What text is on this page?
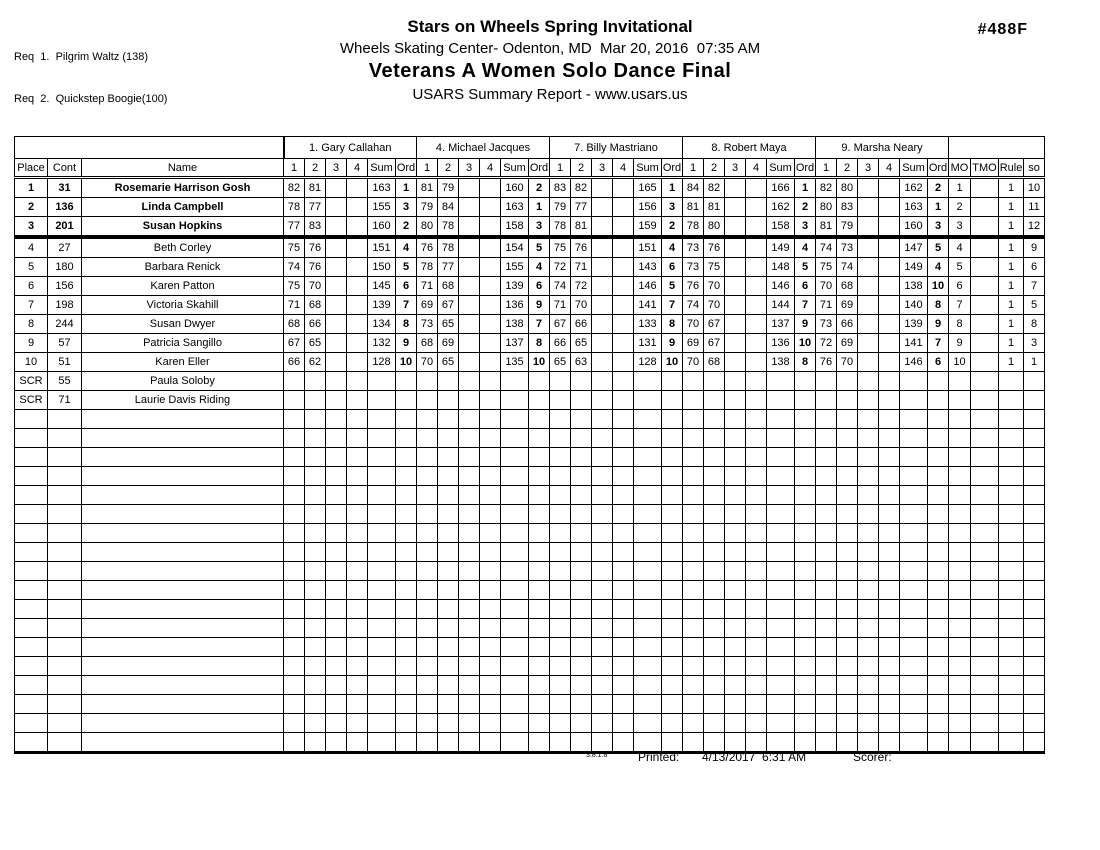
Req  1.  Pilgrim Waltz (138)

Req  2.  Quickstep Boogie(100)

Stars on Wheels Spring Invitational
Wheels Skating Center- Odenton, MD  Mar 20, 2016  07:35 AM
Veterans A Women Solo Dance Final
USARS Summary Report - www.usars.us
#488F
			1. Gary Callahan						4. Michael Jacques						7. Billy Mastriano						8. Robert Maya						9. Marsha Neary									
Place	Cont	Name	1	2	3	4	Sum	Ord	1	2	3	4	Sum	Ord	1	2	3	4	Sum	Ord	1	2	3	4	Sum	Ord	1	2	3	4	Sum	Ord	MO	TMO	Rule	so
1	31	Rosemarie Harrison Gosh	82	81			163	1	81	79			160	2	83	82			165	1	84	82			166	1	82	80			162	2	1		1	10
2	136	Linda Campbell	78	77			155	3	79	84			163	1	79	77			156	3	81	81			162	2	80	83			163	1	2		1	11
3	201	Susan Hopkins	77	83			160	2	80	78			158	3	78	81			159	2	78	80			158	3	81	79			160	3	3		1	12
4	27	Beth Corley	75	76			151	4	76	78			154	5	75	76			151	4	73	76			149	4	74	73			147	5	4		1	9
5	180	Barbara Renick	74	76			150	5	78	77			155	4	72	71			143	6	73	75			148	5	75	74			149	4	5		1	6
6	156	Karen Patton	75	70			145	6	71	68			139	6	74	72			146	5	76	70			146	6	70	68			138	10	6		1	7
7	198	Victoria Skahill	71	68			139	7	69	67			136	9	71	70			141	7	74	70			144	7	71	69			140	8	7		1	5
8	244	Susan Dwyer	68	66			134	8	73	65			138	7	67	66			133	8	70	67			137	9	73	66			139	9	8		1	8
9	57	Patricia Sangillo	67	65			132	9	68	69			137	8	66	65			131	9	69	67			136	10	72	69			141	7	9		1	3
10	51	Karen Eller	66	62			128	10	70	65			135	10	65	63			128	10	70	68			138	8	76	70			146	6	10		1	1
SCR	55	Paula Soloby																																		
SCR	71	Laurie Davis Riding																																		

3.8.1.8	Printed: 4/13/2017  6:31 AM	Scorer:
